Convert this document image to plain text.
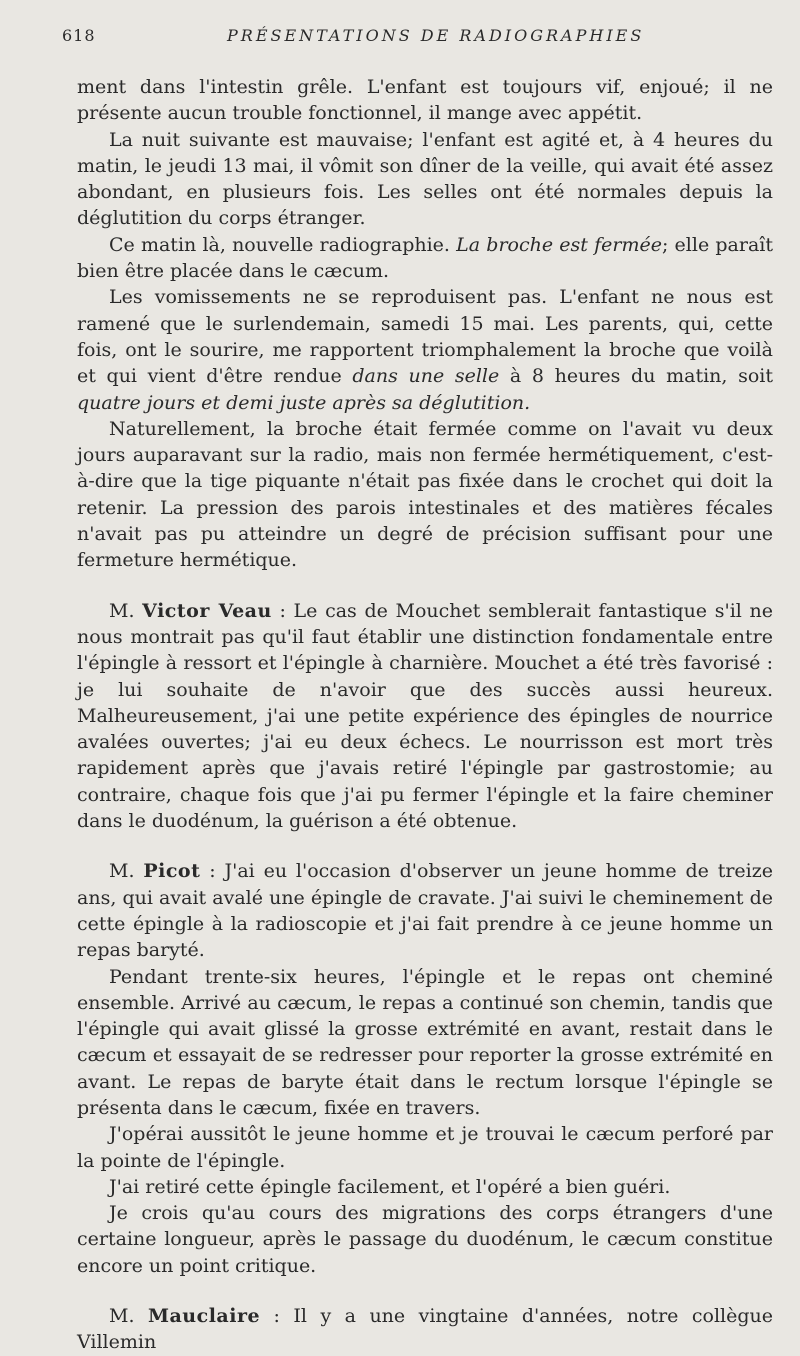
618	PRÉSENTATIONS DE RADIOGRAPHIES

ment dans l'intestin grêle. L'enfant est toujours vif, enjoué; il ne présente aucun trouble fonctionnel, il mange avec appétit.

La nuit suivante est mauvaise; l'enfant est agité et, à 4 heures du matin, le jeudi 13 mai, il vômit son dîner de la veille, qui avait été assez abondant, en plusieurs fois. Les selles ont été normales depuis la déglutition du corps étranger.

Ce matin là, nouvelle radiographie. La broche est fermée; elle paraît bien être placée dans le cæcum.

Les vomissements ne se reproduisent pas. L'enfant ne nous est ramené que le surlendemain, samedi 15 mai. Les parents, qui, cette fois, ont le sourire, me rapportent triomphalement la broche que voilà et qui vient d'être rendue dans une selle à 8 heures du matin, soit quatre jours et demi juste après sa déglutition.

Naturellement, la broche était fermée comme on l'avait vu deux jours auparavant sur la radio, mais non fermée hermétiquement, c'est-à-dire que la tige piquante n'était pas fixée dans le crochet qui doit la retenir. La pression des parois intestinales et des matières fécales n'avait pas pu atteindre un degré de précision suffisant pour une fermeture hermétique.

M. Victor Veau : Le cas de Mouchet semblerait fantastique s'il ne nous montrait pas qu'il faut établir une distinction fondamentale entre l'épingle à ressort et l'épingle à charnière. Mouchet a été très favorisé : je lui souhaite de n'avoir que des succès aussi heureux. Malheureusement, j'ai une petite expérience des épingles de nourrice avalées ouvertes; j'ai eu deux échecs. Le nourrisson est mort très rapidement après que j'avais retiré l'épingle par gastrostomie; au contraire, chaque fois que j'ai pu fermer l'épingle et la faire cheminer dans le duodénum, la guérison a été obtenue.

M. Picot : J'ai eu l'occasion d'observer un jeune homme de treize ans, qui avait avalé une épingle de cravate. J'ai suivi le cheminement de cette épingle à la radioscopie et j'ai fait prendre à ce jeune homme un repas baryté.

Pendant trente-six heures, l'épingle et le repas ont cheminé ensemble. Arrivé au cæcum, le repas a continué son chemin, tandis que l'épingle qui avait glissé la grosse extrémité en avant, restait dans le cæcum et essayait de se redresser pour reporter la grosse extrémité en avant. Le repas de baryte était dans le rectum lorsque l'épingle se présenta dans le cæcum, fixée en travers.

J'opérai aussitôt le jeune homme et je trouvai le cæcum perforé par la pointe de l'épingle.

J'ai retiré cette épingle facilement, et l'opéré a bien guéri.

Je crois qu'au cours des migrations des corps étrangers d'une certaine longueur, après le passage du duodénum, le cæcum constitue encore un point critique.

M. Mauclaire : Il y a une vingtaine d'années, notre collègue Villemin
